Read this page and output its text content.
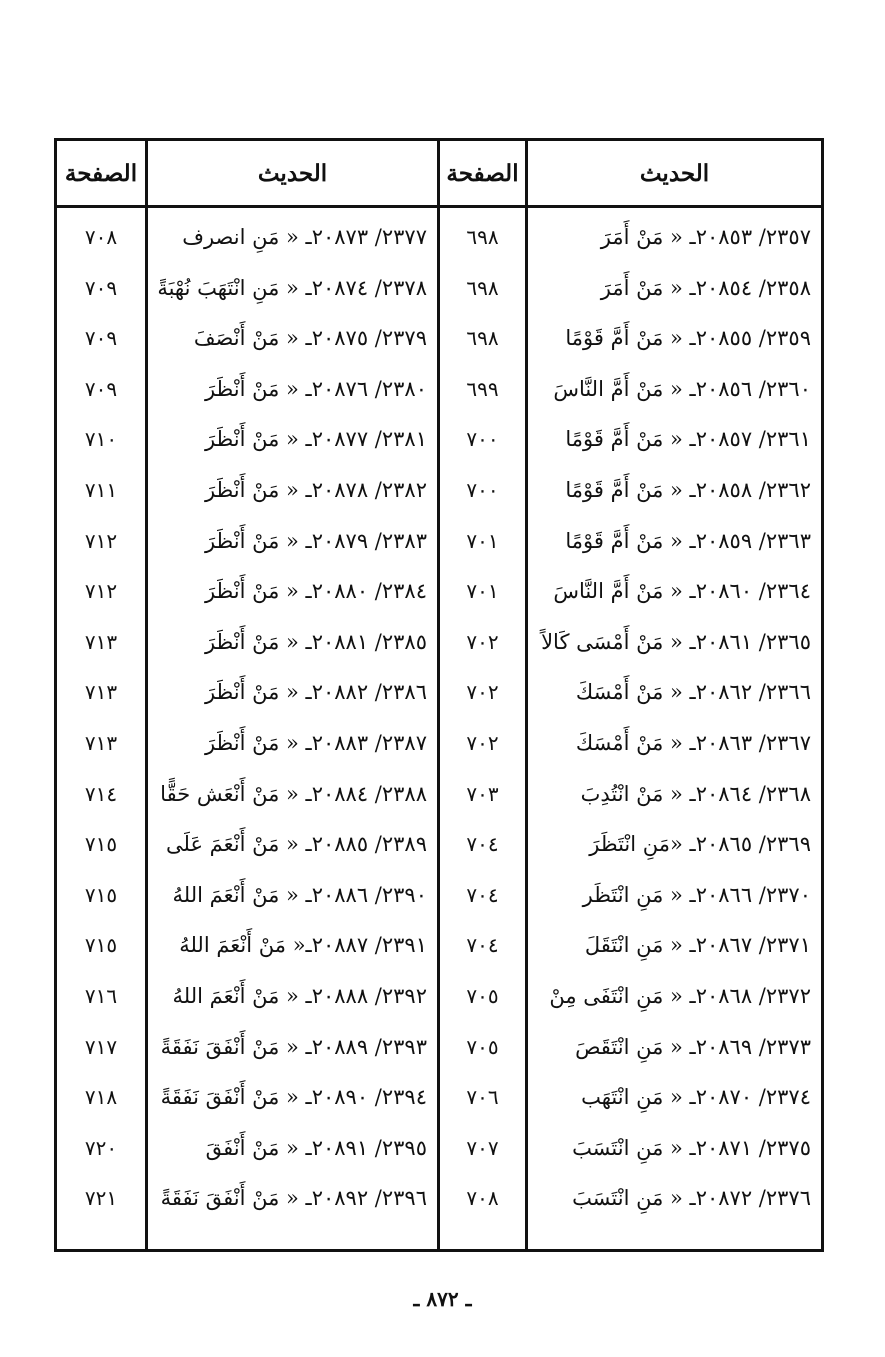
الحديث
الصفحة
الحديث
الصفحة
٢٣٥٧/ ٢٠٨٥٣ـ « مَنْ أَمَرَ
٦٩٨
٢٣٧٧/ ٢٠٨٧٣ـ « مَنِ انصرف
٧٠٨
٢٣٥٨/ ٢٠٨٥٤ـ « مَنْ أَمَرَ
٦٩٨
٢٣٧٨/ ٢٠٨٧٤ـ « مَنِ انْتَهَبَ نُهْبَةً
٧٠٩
٢٣٥٩/ ٢٠٨٥٥ـ « مَنْ أَمَّ قَوْمًا
٦٩٨
٢٣٧٩/ ٢٠٨٧٥ـ « مَنْ أَنْصَفَ
٧٠٩
٢٣٦٠/ ٢٠٨٥٦ـ « مَنْ أَمَّ النَّاسَ
٦٩٩
٢٣٨٠/ ٢٠٨٧٦ـ « مَنْ أَنْظَرَ
٧٠٩
٢٣٦١/ ٢٠٨٥٧ـ « مَنْ أَمَّ قَوْمًا
٧٠٠
٢٣٨١/ ٢٠٨٧٧ـ « مَنْ أَنْظَرَ
٧١٠
٢٣٦٢/ ٢٠٨٥٨ـ « مَنْ أَمَّ قَوْمًا
٧٠٠
٢٣٨٢/ ٢٠٨٧٨ـ « مَنْ أَنْظَرَ
٧١١
٢٣٦٣/ ٢٠٨٥٩ـ « مَنْ أَمَّ قَوْمًا
٧٠١
٢٣٨٣/ ٢٠٨٧٩ـ « مَنْ أَنْظَرَ
٧١٢
٢٣٦٤/ ٢٠٨٦٠ـ « مَنْ أَمَّ النَّاسَ
٧٠١
٢٣٨٤/ ٢٠٨٨٠ـ « مَنْ أَنْظَرَ
٧١٢
٢٣٦٥/ ٢٠٨٦١ـ « مَنْ أَمْسَى كَالاً
٧٠٢
٢٣٨٥/ ٢٠٨٨١ـ « مَنْ أَنْظَرَ
٧١٣
٢٣٦٦/ ٢٠٨٦٢ـ « مَنْ أَمْسَكَ
٧٠٢
٢٣٨٦/ ٢٠٨٨٢ـ « مَنْ أَنْظَرَ
٧١٣
٢٣٦٧/ ٢٠٨٦٣ـ « مَنْ أَمْسَكَ
٧٠٢
٢٣٨٧/ ٢٠٨٨٣ـ « مَنْ أَنْظَرَ
٧١٣
٢٣٦٨/ ٢٠٨٦٤ـ « مَنْ انْتُدِبَ
٧٠٣
٢٣٨٨/ ٢٠٨٨٤ـ « مَنْ أَنْعَش حَقًّا
٧١٤
٢٣٦٩/ ٢٠٨٦٥ـ «مَنِ انْتَظَرَ
٧٠٤
٢٣٨٩/ ٢٠٨٨٥ـ « مَنْ أَنْعَمَ عَلَى
٧١٥
٢٣٧٠/ ٢٠٨٦٦ـ « مَنِ انْتَظَر
٧٠٤
٢٣٩٠/ ٢٠٨٨٦ـ « مَنْ أَنْعَمَ اللهُ
٧١٥
٢٣٧١/ ٢٠٨٦٧ـ « مَنِ انْتَقَلَ
٧٠٤
٢٣٩١/ ٢٠٨٨٧ـ« مَنْ أَنْعَمَ اللهُ
٧١٥
٢٣٧٢/ ٢٠٨٦٨ـ « مَنِ انْتَفَى مِنْ
٧٠٥
٢٣٩٢/ ٢٠٨٨٨ـ « مَنْ أَنْعَمَ اللهُ
٧١٦
٢٣٧٣/ ٢٠٨٦٩ـ « مَنِ انْتَقَصَ
٧٠٥
٢٣٩٣/ ٢٠٨٨٩ـ « مَنْ أَنْفَقَ نَفَقَةً
٧١٧
٢٣٧٤/ ٢٠٨٧٠ـ « مَنِ انْتَهَب
٧٠٦
٢٣٩٤/ ٢٠٨٩٠ـ « مَنْ أَنْفَقَ نَفَقَةً
٧١٨
٢٣٧٥/ ٢٠٨٧١ـ « مَنِ انْتَسَبَ
٧٠٧
٢٣٩٥/ ٢٠٨٩١ـ « مَنْ أَنْفَقَ
٧٢٠
٢٣٧٦/ ٢٠٨٧٢ـ « مَنِ انْتَسَبَ
٧٠٨
٢٣٩٦/ ٢٠٨٩٢ـ « مَنْ أَنْفَقَ نَفَقَةً
٧٢١
ـ ٨٧٢ ـ
